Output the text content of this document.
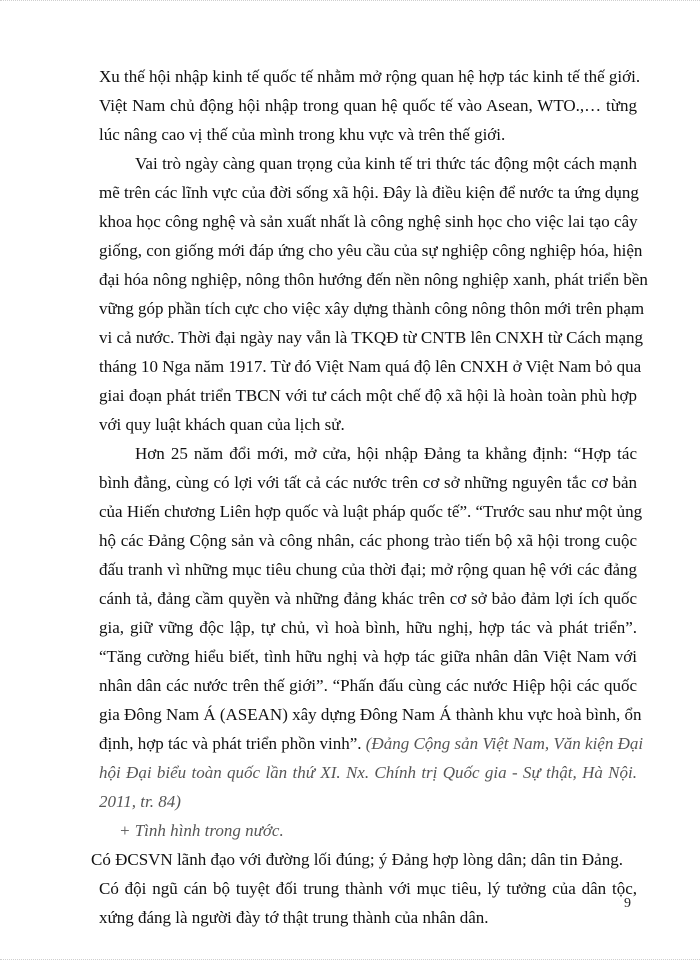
Xu thế hội nhập kinh tế quốc tế nhằm mở rộng quan hệ hợp tác kinh tế thế giới.
Việt Nam chủ động hội nhập trong quan hệ quốc tế vào Asean, WTO.,… từng
lúc nâng cao vị thế của mình trong khu vực và trên thế giới.
Vai trò ngày càng quan trọng của kinh tế tri thức tác động một cách mạnh
mẽ trên các lĩnh vực của đời sống xã hội. Đây là điều kiện để nước ta ứng dụng
khoa học công nghệ và sản xuất nhất là công nghệ sinh học cho việc lai tạo cây
giống, con giống mới đáp ứng cho yêu cầu của sự nghiệp công nghiệp hóa, hiện
đại hóa nông nghiệp, nông thôn hướng đến nền nông nghiệp xanh, phát triển bền
vững góp phần tích cực cho việc xây dựng thành công nông thôn mới trên phạm
vi cả nước. Thời đại ngày nay vẫn là TKQĐ từ CNTB lên CNXH từ Cách mạng
tháng 10 Nga năm 1917. Từ đó Việt Nam quá độ lên CNXH ở Việt Nam bỏ qua
giai đoạn phát triển TBCN với tư cách một chế độ xã hội là hoàn toàn phù hợp
với quy luật khách quan của lịch sử.
Hơn 25 năm đổi mới, mở cửa, hội nhập Đảng ta khẳng định: “Hợp tác
bình đẳng, cùng có lợi với tất cả các nước trên cơ sở những nguyên tắc cơ bản
của Hiến chương Liên hợp quốc và luật pháp quốc tế”. “Trước sau như một ủng
hộ các Đảng Cộng sản và công nhân, các phong trào tiến bộ xã hội trong cuộc
đấu tranh vì những mục tiêu chung của thời đại; mở rộng quan hệ với các đảng
cánh tả, đảng cầm quyền và những đảng khác trên cơ sở bảo đảm lợi ích quốc
gia, giữ vững độc lập, tự chủ, vì hoà bình, hữu nghị, hợp tác và phát triển”.
“Tăng cường hiểu biết, tình hữu nghị và hợp tác giữa nhân dân Việt Nam với
nhân dân các nước trên thế giới”. “Phấn đấu cùng các nước Hiệp hội các quốc
gia Đông Nam Á (ASEAN) xây dựng Đông Nam Á thành khu vực hoà bình, ổn
định, hợp tác và phát triển phồn vinh”. (Đảng Cộng sản Việt Nam, Văn kiện Đại
hội Đại biểu toàn quốc lần thứ XI. Nx. Chính trị Quốc gia - Sự thật, Hà Nội.
2011, tr. 84)
+ Tình hình trong nước.
Có ĐCSVN lãnh đạo với đường lối đúng; ý Đảng hợp lòng dân; dân tin Đảng.
Có đội ngũ cán bộ tuyệt đối trung thành với mục tiêu, lý tưởng của dân tộc,
xứng đáng là người đày tớ thật trung thành của nhân dân.
9
